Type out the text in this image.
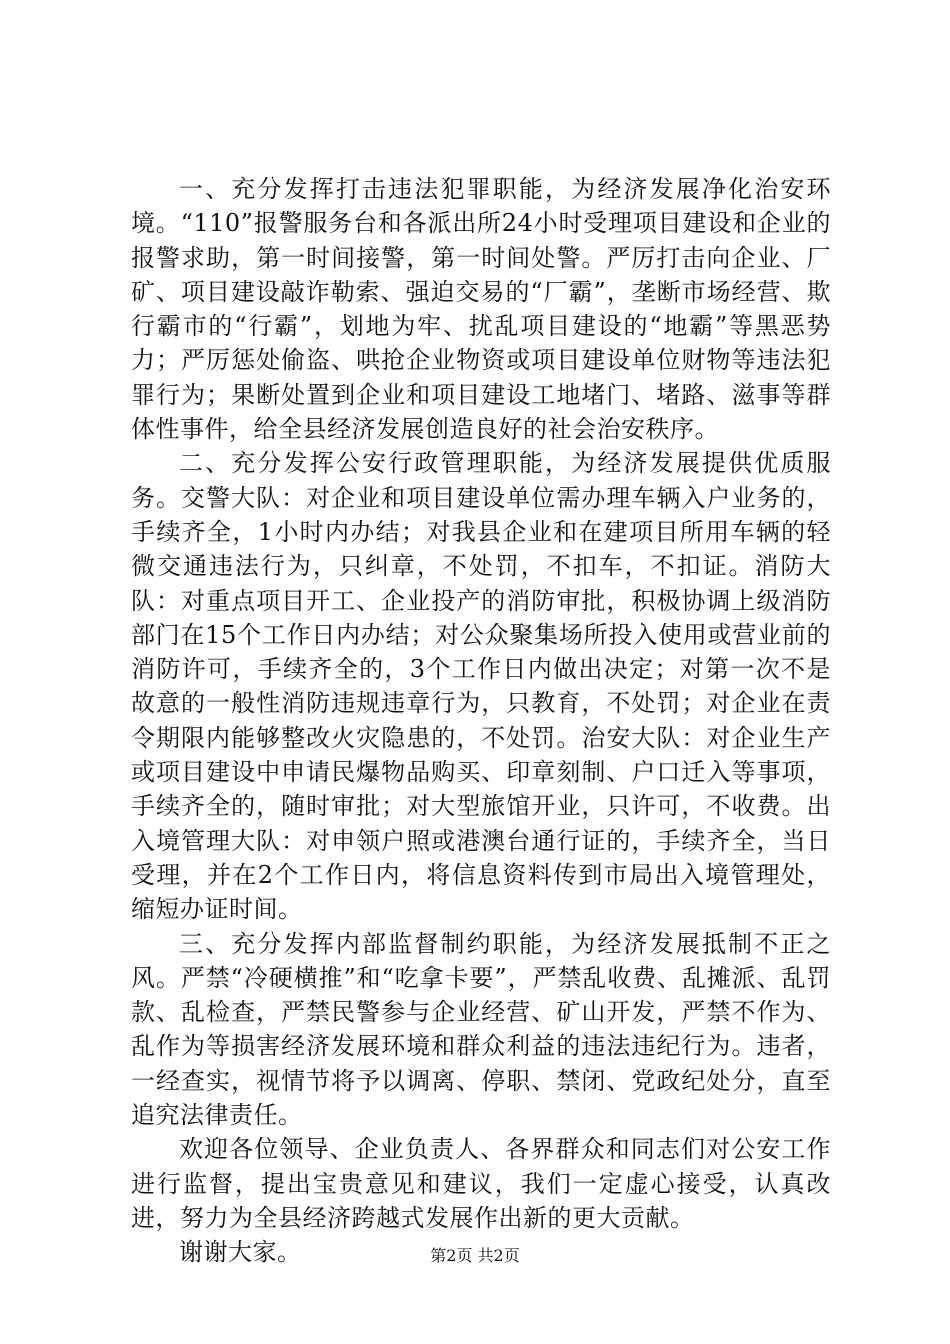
一、充分发挥打击违法犯罪职能，为经济发展净化治安环境。“110”报警服务台和各派出所24小时受理项目建设和企业的报警求助，第一时间接警，第一时间处警。严厉打击向企业、厂矿、项目建设敲诈勒索、强迫交易的“厂霸”，垄断市场经营、欺行霸市的“行霸”，划地为牢、扰乱项目建设的“地霸”等黑恶势力；严厉惩处偷盗、哄抢企业物资或项目建设单位财物等违法犯罪行为；果断处置到企业和项目建设工地堵门、堵路、滋事等群体性事件，给全县经济发展创造良好的社会治安秩序。

二、充分发挥公安行政管理职能，为经济发展提供优质服务。交警大队：对企业和项目建设单位需办理车辆入户业务的，手续齐全，1小时内办结；对我县企业和在建项目所用车辆的轻微交通违法行为，只纠章，不处罚，不扣车，不扣证。消防大队：对重点项目开工、企业投产的消防审批，积极协调上级消防部门在15个工作日内办结；对公众聚集场所投入使用或营业前的消防许可，手续齐全的，3个工作日内做出决定；对第一次不是故意的一般性消防违规违章行为，只教育，不处罚；对企业在责令期限内能够整改火灾隐患的，不处罚。治安大队：对企业生产或项目建设中申请民爆物品购买、印章刻制、户口迁入等事项，手续齐全的，随时审批；对大型旅馆开业，只许可，不收费。出入境管理大队：对申领户照或港澳台通行证的，手续齐全，当日受理，并在2个工作日内，将信息资料传到市局出入境管理处，缩短办证时间。

三、充分发挥内部监督制约职能，为经济发展抵制不正之风。严禁“冷硬横推”和“吃拿卡要”，严禁乱收费、乱摊派、乱罚款、乱检查，严禁民警参与企业经营、矿山开发，严禁不作为、乱作为等损害经济发展环境和群众利益的违法违纪行为。违者，一经查实，视情节将予以调离、停职、禁闭、党政纪处分，直至追究法律责任。

欢迎各位领导、企业负责人、各界群众和同志们对公安工作进行监督，提出宝贵意见和建议，我们一定虚心接受，认真改进，努力为全县经济跨越式发展作出新的更大贡献。

谢谢大家。	第2页 共2页
